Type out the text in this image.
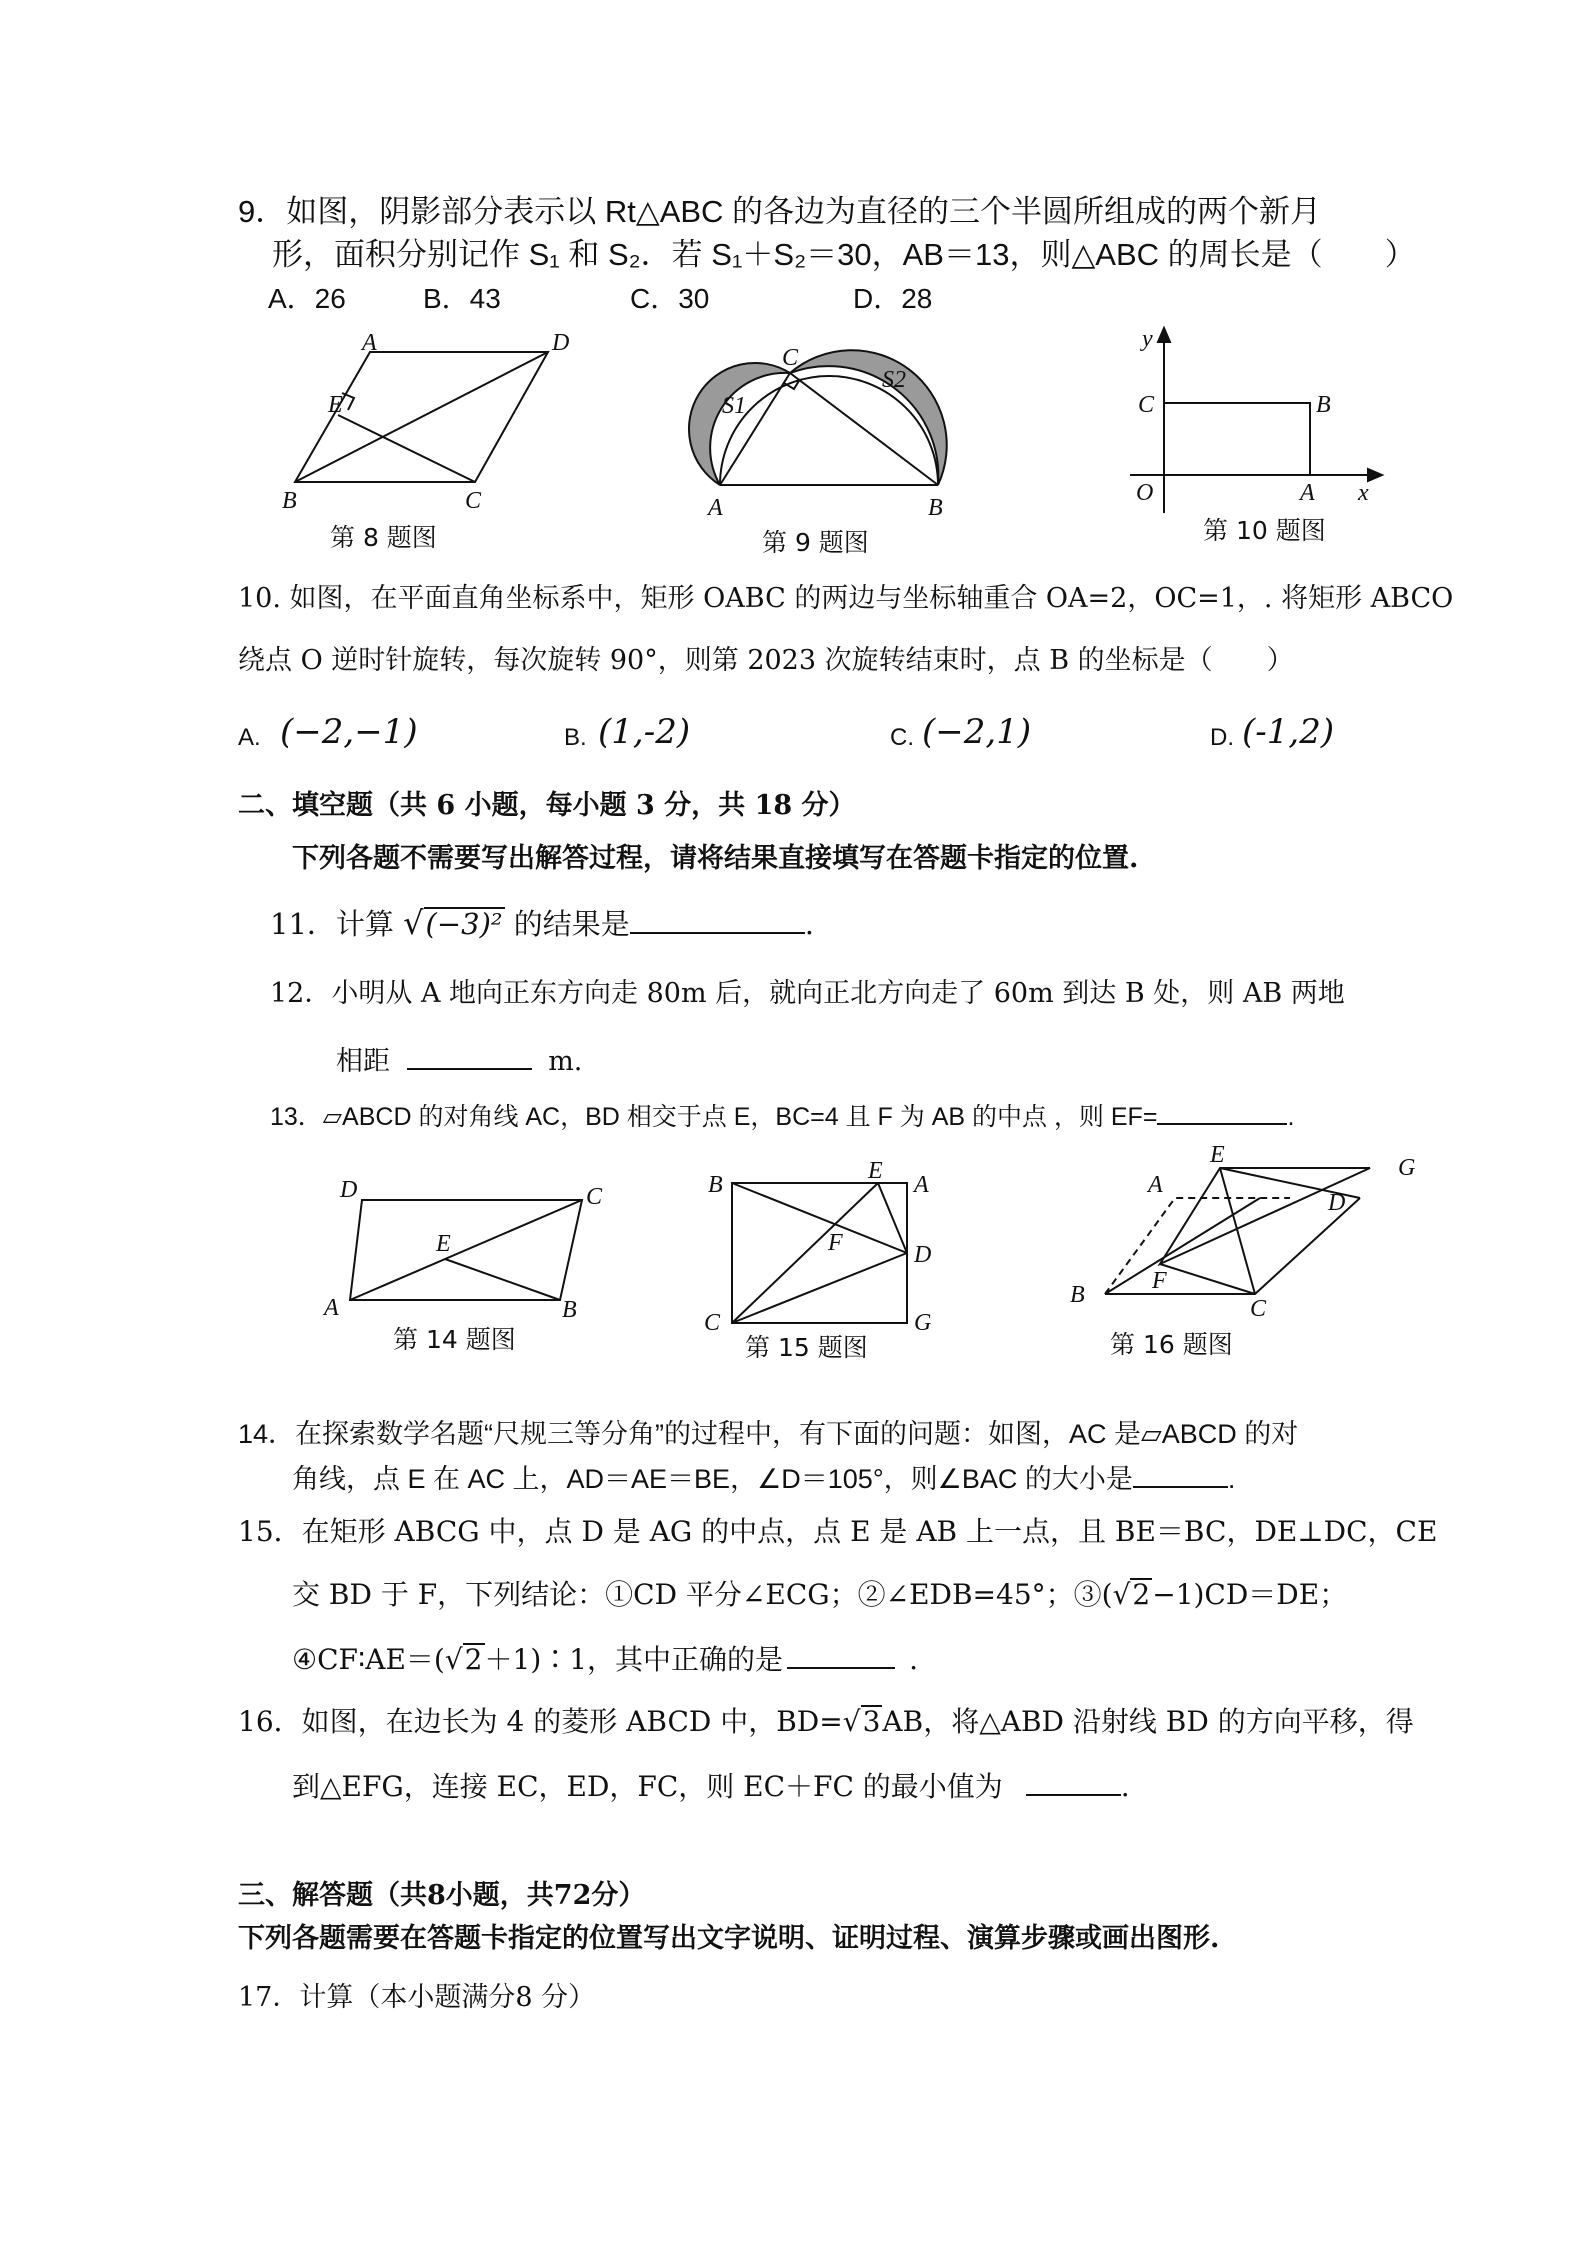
9．如图，阴影部分表示以 Rt△ABC 的各边为直径的三个半圆所组成的两个新月
形，面积分别记作 S₁ 和 S₂．若 S₁＋S₂＝30，AB＝13，则△ABC 的周长是（　　）
A．26	B．43	C．30	D．28
A	D
E
B	C
第 8 题图
C
S1
S2
A	B
第 9 题图
y
C	B
O	A x
第 10 题图
10. 如图，在平面直角坐标系中，矩形 OABC 的两边与坐标轴重合 OA=2，OC=1，. 将矩形 ABCO
绕点 O 逆时针旋转，每次旋转 90°，则第 2023 次旋转结束时，点 B 的坐标是（　　）
A. (−2,−1)	B. (1,‑2)	C. (−2,1)	D. (‑1,2)
二、填空题（共 6 小题，每小题 3 分，共 18 分）
下列各题不需要写出解答过程，请将结果直接填写在答题卡指定的位置.
11．计算 √(−3)² 的结果是	.
12．小明从 A 地向正东方向走 80m 后，就向正北方向走了 60m 到达 B 处，则 AB 两地
相距	m.
13．▱ABCD 的对角线 AC，BD 相交于点 E，BC=4 且 F 为 AB 的中点 ，则 EF=	.
D	C
E
A	B
第 14 题图
B
E
A
F	D
C	G
第 15 题图
E	G
A
D
F
B
C
第 16 题图
14．在探索数学名题“尺规三等分角”的过程中，有下面的问题：如图，AC 是▱ABCD 的对
角线，点 E 在 AC 上，AD＝AE＝BE，∠D＝105°，则∠BAC 的大小是	.
15．在矩形 ABCG 中，点 D 是 AG 的中点，点 E 是 AB 上一点，且 BE＝BC，DE⊥DC，CE
交 BD 于 F，下列结论：①CD 平分∠ECG；②∠EDB=45°；③(√2−1)CD＝DE；
④CF∶AE＝(√2＋1)∶1，其中正确的是	.
16．如图，在边长为 4 的菱形 ABCD 中，BD=√3AB，将△ABD 沿射线 BD 的方向平移，得
到△EFG，连接 EC，ED，FC，则 EC＋FC 的最小值为	.
三、解答题（共8小题，共72分）
下列各题需要在答题卡指定的位置写出文字说明、证明过程、演算步骤或画出图形.
17．计算（本小题满分8 分）
